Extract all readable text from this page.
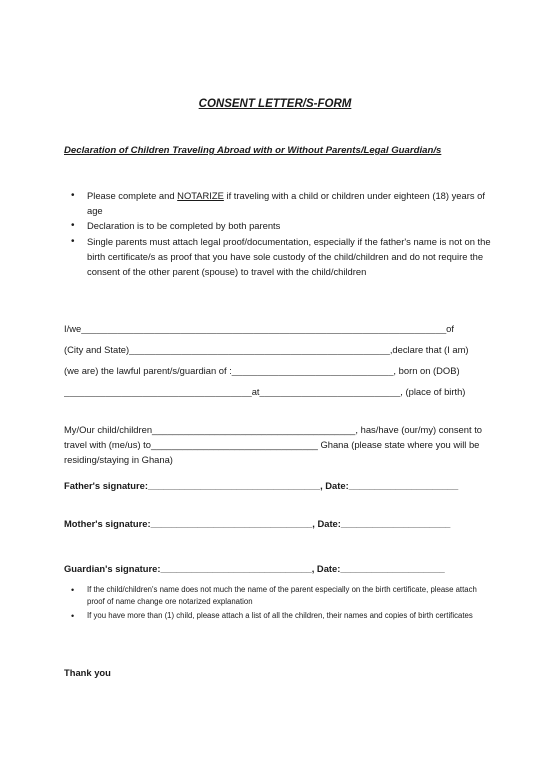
CONSENT LETTER/S-FORM
Declaration of Children Traveling Abroad with or Without Parents/Legal Guardian/s
• Please complete and NOTARIZE if traveling with a child or children under eighteen (18) years of age
• Declaration is to be completed by both parents
• Single parents must attach legal proof/documentation, especially if the father's name is not on the birth certificate/s as proof that you have sole custody of the child/children and do not require the consent of the other parent (spouse) to travel with the child/children
I/we______________________________________________________________________of
(City and State)__________________________________________________,declare that (I am)
(we are) the lawful parent/s/guardian of :_______________________________, born on (DOB)
____________________________________at___________________________, (place of birth)
My/Our child/children_______________________________________, has/have (our/my) consent to travel with (me/us) to________________________________ Ghana (please state where you will be residing/staying in Ghana)
Father's signature:_________________________________, Date:_____________________
Mother's signature:_______________________________, Date:_____________________
Guardian's signature:_____________________________, Date:____________________
• If the child/children's name does not much the name of the parent especially on the birth certificate, please attach proof of name change ore notarized explanation
• If you have more than (1) child, please attach a list of all the children, their names and copies of birth certificates
Thank you
